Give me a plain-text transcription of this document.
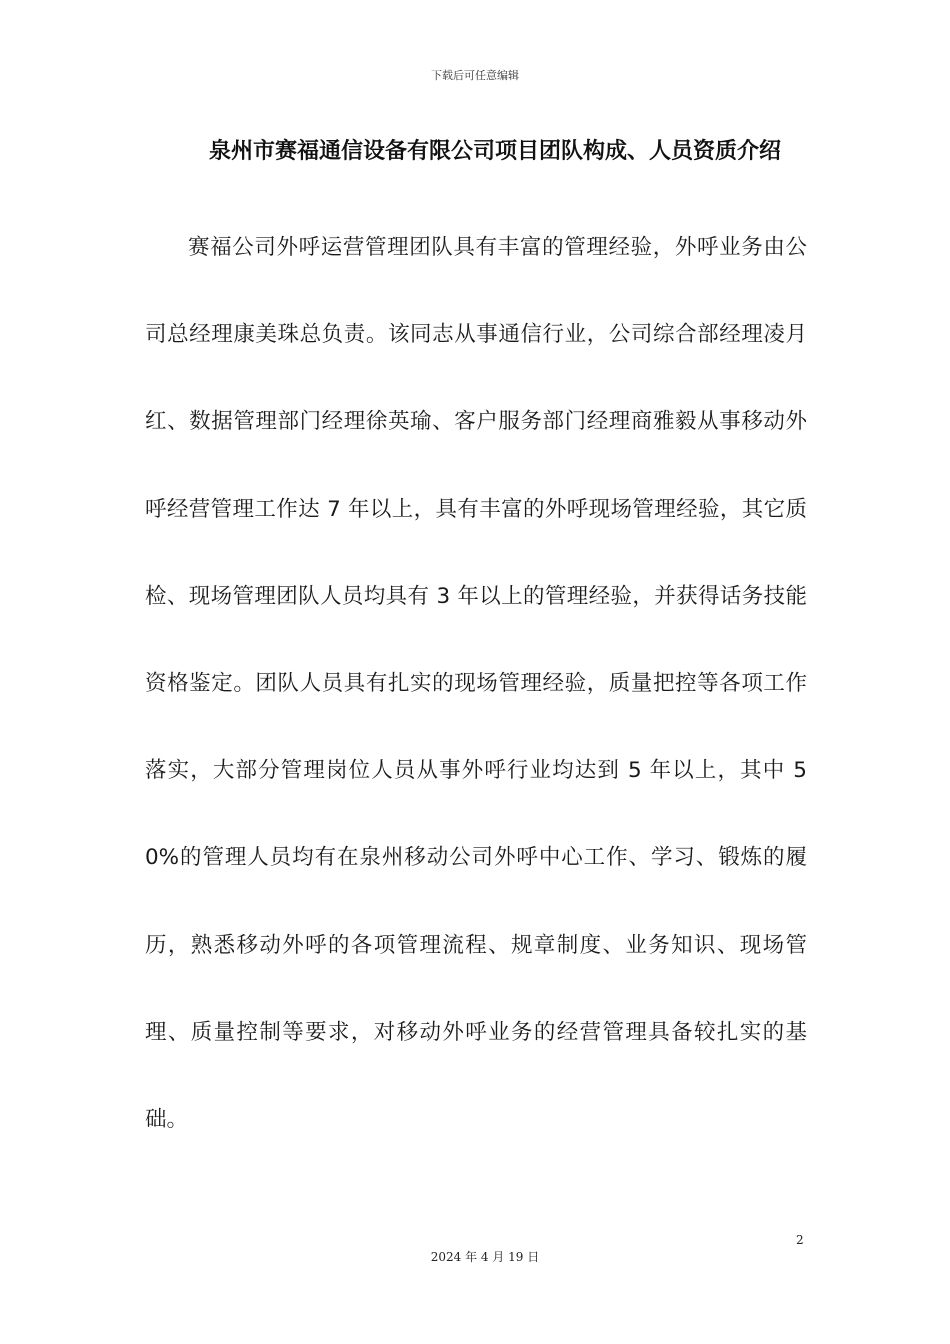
下载后可任意编辑
泉州市赛福通信设备有限公司项目团队构成、人员资质介绍

赛福公司外呼运营管理团队具有丰富的管理经验，外呼业务由公司总经理康美珠总负责。该同志从事通信行业，公司综合部经理凌月红、数据管理部门经理徐英瑜、客户服务部门经理商雅毅从事移动外呼经营管理工作达 7 年以上，具有丰富的外呼现场管理经验，其它质检、现场管理团队人员均具有 3 年以上的管理经验，并获得话务技能资格鉴定。团队人员具有扎实的现场管理经验，质量把控等各项工作落实，大部分管理岗位人员从事外呼行业均达到 5 年以上，其中 50%的管理人员均有在泉州移动公司外呼中心工作、学习、锻炼的履历，熟悉移动外呼的各项管理流程、规章制度、业务知识、现场管理、质量控制等要求，对移动外呼业务的经营管理具备较扎实的基础。

2
2024 年 4 月 19 日
